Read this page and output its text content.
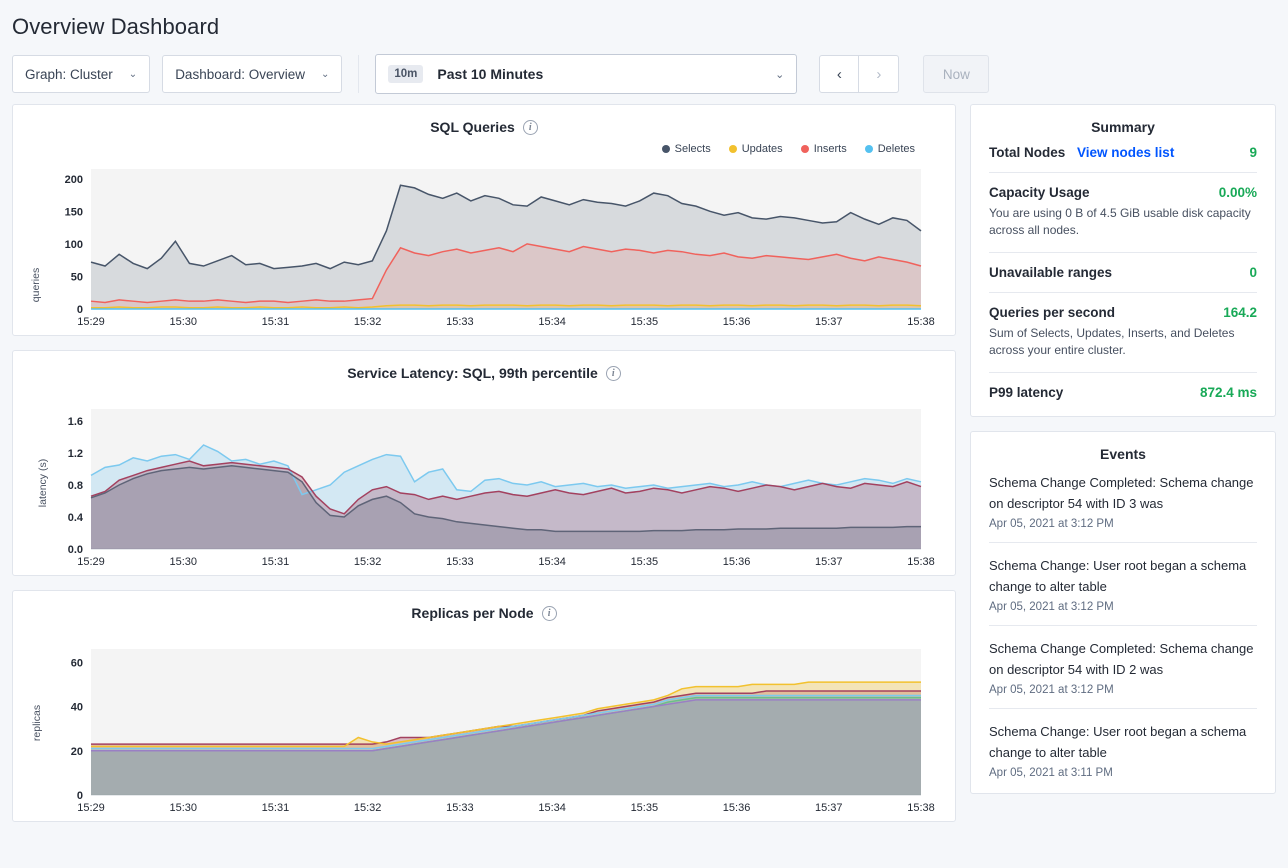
Overview Dashboard
Graph: Cluster ⌄	Dashboard: Overview ⌄	10m	Past 10 Minutes	⌄	‹	›	Now
SQL Queries	i
Selects	Updates	Inserts	Deletes
queries
200
150
100
50
0
15:29	15:30	15:31	15:32	15:33	15:34	15:35	15:36	15:37	15:38
Service Latency: SQL, 99th percentile	i
latency (s)
1.6
1.2
0.8
0.4
0.0
15:29	15:30	15:31	15:32	15:33	15:34	15:35	15:36	15:37	15:38
Replicas per Node	i
replicas
60
40
20
0
15:29	15:30	15:31	15:32	15:33	15:34	15:35	15:36	15:37	15:38
Summary
Total Nodes View nodes list	9
Capacity Usage	0.00%
You are using 0 B of 4.5 GiB usable disk capacity across all nodes.
Unavailable ranges	0
Queries per second	164.2
Sum of Selects, Updates, Inserts, and Deletes across your entire cluster.
P99 latency	872.4 ms
Events
Schema Change Completed: Schema change on descriptor 54 with ID 3 was
Apr 05, 2021 at 3:12 PM
Schema Change: User root began a schema change to alter table
Apr 05, 2021 at 3:12 PM
Schema Change Completed: Schema change on descriptor 54 with ID 2 was
Apr 05, 2021 at 3:12 PM
Schema Change: User root began a schema change to alter table
Apr 05, 2021 at 3:11 PM
